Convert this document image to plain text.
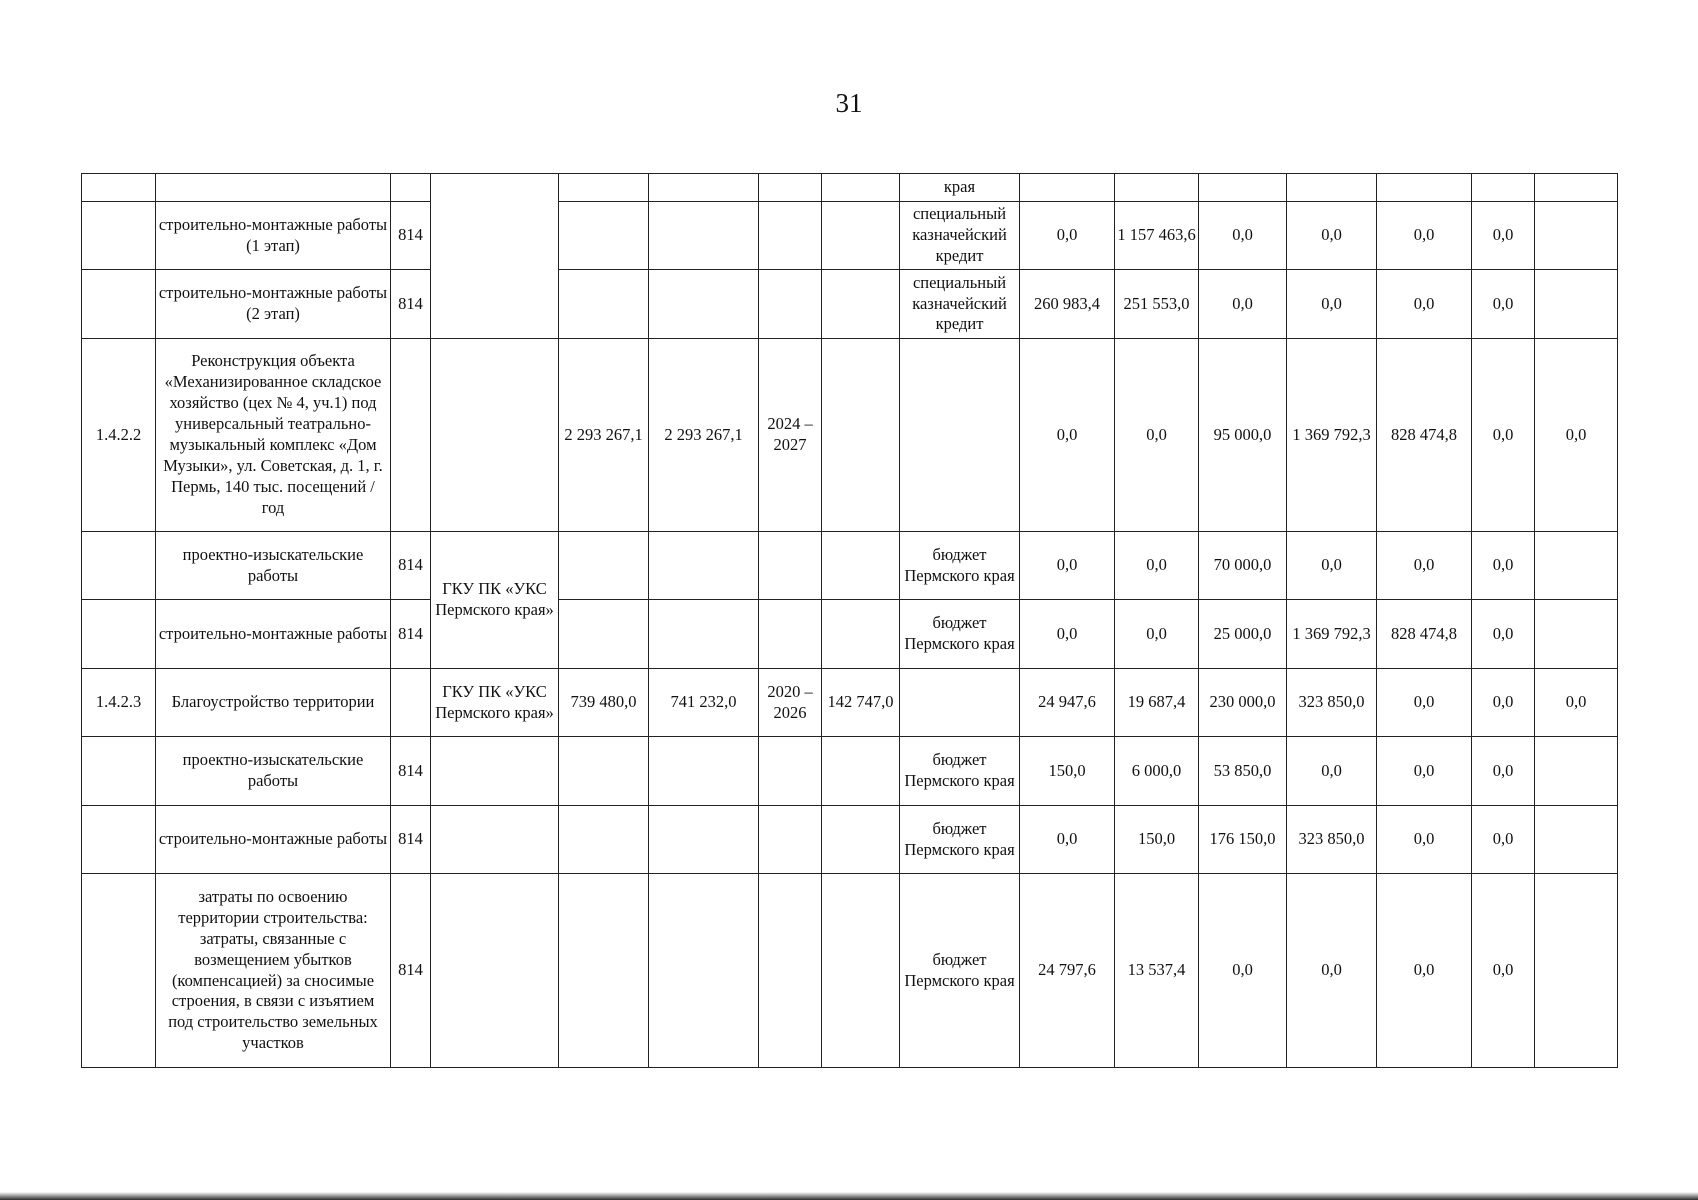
31
								края							
	строительно-монтажные работы (1 этап)	814						специальный казначейский кредит	0,0	1 157 463,6	0,0	0,0	0,0	0,0	
	строительно-монтажные работы (2 этап)	814						специальный казначейский кредит	260 983,4	251 553,0	0,0	0,0	0,0	0,0	
1.4.2.2	Реконструкция объекта «Механизированное складское хозяйство (цех № 4, уч.1) под универсальный театрально-музыкальный комплекс «Дом Музыки», ул. Советская, д. 1, г. Пермь, 140 тыс. посещений / год			2 293 267,1	2 293 267,1	2024 – 2027			0,0	0,0	95 000,0	1 369 792,3	828 474,8	0,0	0,0
	проектно-изыскательские работы	814	ГКУ ПК «УКС Пермского края»					бюджет Пермского края	0,0	0,0	70 000,0	0,0	0,0	0,0	
	строительно-монтажные работы	814						бюджет Пермского края	0,0	0,0	25 000,0	1 369 792,3	828 474,8	0,0	
1.4.2.3	Благоустройство территории		ГКУ ПК «УКС Пермского края»	739 480,0	741 232,0	2020 – 2026	142 747,0		24 947,6	19 687,4	230 000,0	323 850,0	0,0	0,0	0,0
	проектно-изыскательские работы	814						бюджет Пермского края	150,0	6 000,0	53 850,0	0,0	0,0	0,0	
	строительно-монтажные работы	814						бюджет Пермского края	0,0	150,0	176 150,0	323 850,0	0,0	0,0	
	затраты по освоению территории строительства: затраты, связанные с возмещением убытков (компенсацией) за сносимые строения, в связи с изъятием под строительство земельных участков	814						бюджет Пермского края	24 797,6	13 537,4	0,0	0,0	0,0	0,0	
